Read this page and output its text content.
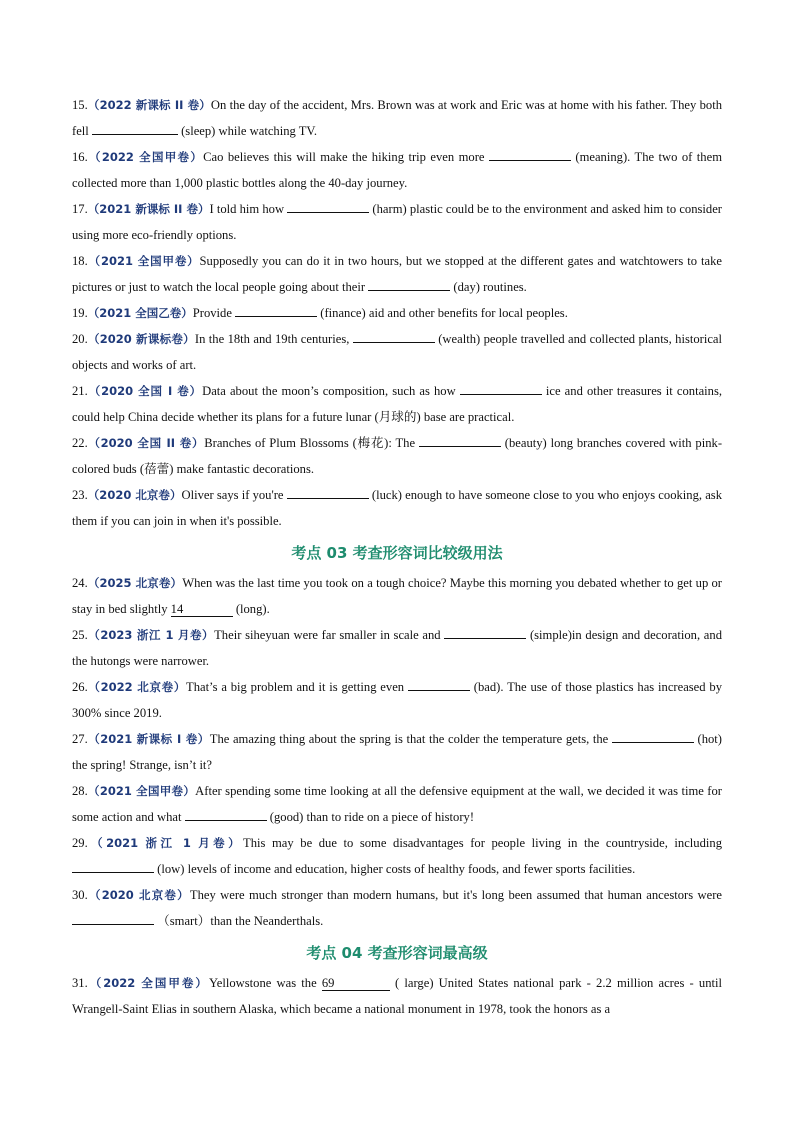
15.（2022 新课标 II 卷）On the day of the accident, Mrs. Brown was at work and Eric was at home with his father. They both fell	(sleep) while watching TV.

16.（2022 全国甲卷）Cao believes this will make the hiking trip even more	(meaning). The two of them collected more than 1,000 plastic bottles along the 40-day journey.

17.（2021 新课标 II 卷）I told him how	(harm) plastic could be to the environment and asked him to consider using more eco-friendly options.

18.（2021 全国甲卷）Supposedly you can do it in two hours, but we stopped at the different gates and watchtowers to take pictures or just to watch the local people going about their	(day) routines.

19.（2021 全国乙卷）Provide	(finance) aid and other benefits for local peoples.

20.（2020 新课标卷）In the 18th and 19th centuries,	(wealth) people travelled and collected plants, historical objects and works of art.

21.（2020 全国 I 卷）Data about the moon’s composition, such as how	ice and other treasures it contains, could help China decide whether its plans for a future lunar (月球的) base are practical.

22.（2020 全国 II 卷）Branches of Plum Blossoms (梅花): The	(beauty) long branches covered with pink-colored buds (蓓蕾) make fantastic decorations.

23.（2020 北京卷）Oliver says if you're	(luck) enough to have someone close to you who enjoys cooking, ask them if you can join in when it's possible.

考点 03 考查形容词比较级用法

24.（2025 北京卷）When was the last time you took on a tough choice? Maybe this morning you debated whether to get up or stay in bed slightly 14	(long).

25.（2023 浙江 1 月卷）Their siheyuan were far smaller in scale and	(simple)in design and decoration, and the hutongs were narrower.

26.（2022 北京卷）That’s a big problem and it is getting even	(bad). The use of those plastics has increased by 300% since 2019.

27.（2021 新课标 I 卷）The amazing thing about the spring is that the colder the temperature gets, the	(hot) the spring! Strange, isn’t it?

28.（2021 全国甲卷）After spending some time looking at all the defensive equipment at the wall, we decided it was time for some action and what	(good) than to ride on a piece of history!

29.（2021 浙江 1 月卷）This may be due to some disadvantages for people living in the countryside, including  (low) levels of income and education, higher costs of healthy foods, and fewer sports facilities.

30.（2020 北京卷）They were much stronger than modern humans, but it's long been assumed that human ancestors were  （smart）than the Neanderthals.

考点 04 考查形容词最高级

31.（2022 全国甲卷）Yellowstone was the 69	( large) United States national park - 2.2 million acres - until Wrangell-Saint Elias in southern Alaska, which became a national monument in 1978, took the honors as a
